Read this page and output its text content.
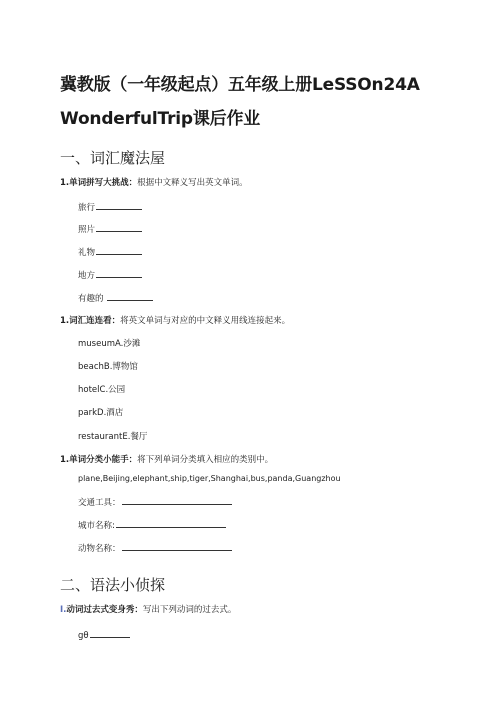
冀教版（一年级起点）五年级上册LeSSOn24A
WonderfulTrip课后作业
一、词汇魔法屋
1.单词拼写大挑战：根据中文释义写出英文单词。
旅行
照片
礼物
地方
有趣的
1.词汇连连看：将英文单词与对应的中文释义用线连接起来。
museumA.沙滩
beachB.博物馆
hotelC.公园
parkD.酒店
restaurantE.餐厅
1.单词分类小能手：将下列单词分类填入相应的类别中。
plane,Beijing,elephant,ship,tiger,Shanghai,bus,panda,Guangzhou
交通工具：
城市名称:
动物名称：
二、语法小侦探
I.动词过去式变身秀：写出下列动词的过去式。
gθ
